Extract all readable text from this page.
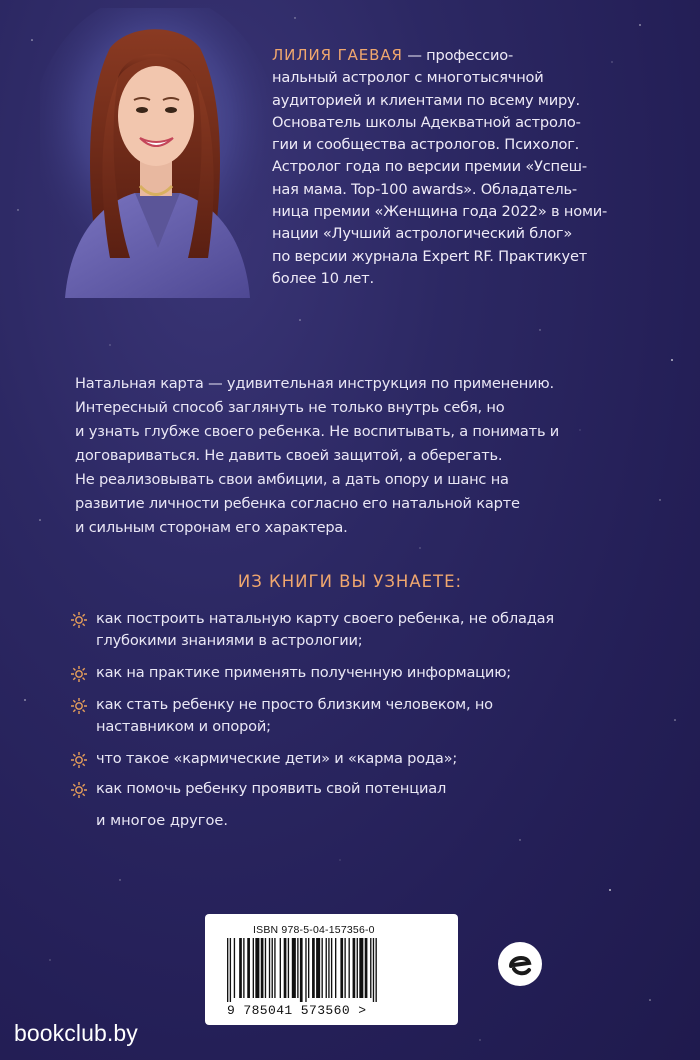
ЛИЛИЯ ГАЕВАЯ — профессио-
нальный астролог с многотысячной
аудиторией и клиентами по всему миру.
Основатель школы Адекватной астроло-
гии и сообщества астрологов. Психолог.
Астролог года по версии премии «Успеш-
ная мама. Top-100 awards». Обладатель-
ница премии «Женщина года 2022» в номи-
нации «Лучший астрологический блог»
по версии журнала Expert RF. Практикует
более 10 лет.
Натальная карта — удивительная инструкция по применению.
Интересный способ заглянуть не только внутрь себя, но
и узнать глубже своего ребенка. Не воспитывать, а понимать и
договариваться. Не давить своей защитой, а оберегать.
Не реализовывать свои амбиции, а дать опору и шанс на
развитие личности ребенка согласно его натальной карте
и сильным сторонам его характера.
ИЗ КНИГИ ВЫ УЗНАЕТЕ:
как построить натальную карту своего ребенка, не обладая
глубокими знаниями в астрологии;
как на практике применять полученную информацию;
как стать ребенку не просто близким человеком, но
наставником и опорой;
что такое «кармические дети» и «карма рода»;
как помочь ребенку проявить свой потенциал
и многое другое.
ISBN 978-5-04-157356-0
9 785041 573560 >
bookclub.by
